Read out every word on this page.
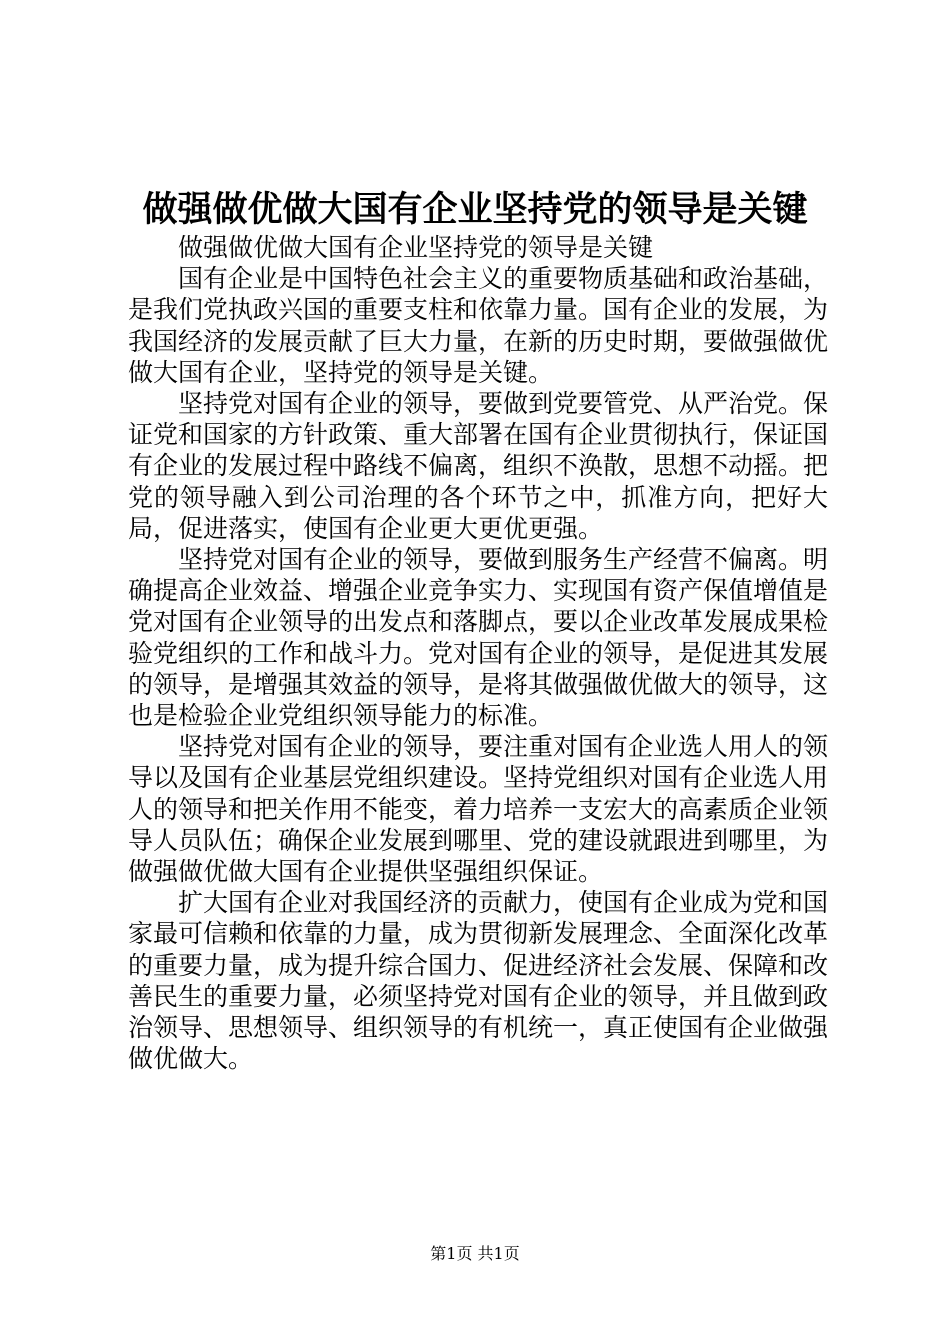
做强做优做大国有企业坚持党的领导是关键

做强做优做大国有企业坚持党的领导是关键

国有企业是中国特色社会主义的重要物质基础和政治基础，是我们党执政兴国的重要支柱和依靠力量。国有企业的发展，为我国经济的发展贡献了巨大力量，在新的历史时期，要做强做优做大国有企业，坚持党的领导是关键。

坚持党对国有企业的领导，要做到党要管党、从严治党。保证党和国家的方针政策、重大部署在国有企业贯彻执行，保证国有企业的发展过程中路线不偏离，组织不涣散，思想不动摇。把党的领导融入到公司治理的各个环节之中，抓准方向，把好大局，促进落实，使国有企业更大更优更强。

坚持党对国有企业的领导，要做到服务生产经营不偏离。明确提高企业效益、增强企业竞争实力、实现国有资产保值增值是党对国有企业领导的出发点和落脚点，要以企业改革发展成果检验党组织的工作和战斗力。党对国有企业的领导，是促进其发展的领导，是增强其效益的领导，是将其做强做优做大的领导，这也是检验企业党组织领导能力的标准。

坚持党对国有企业的领导，要注重对国有企业选人用人的领导以及国有企业基层党组织建设。坚持党组织对国有企业选人用人的领导和把关作用不能变，着力培养一支宏大的高素质企业领导人员队伍；确保企业发展到哪里、党的建设就跟进到哪里，为做强做优做大国有企业提供坚强组织保证。

扩大国有企业对我国经济的贡献力，使国有企业成为党和国家最可信赖和依靠的力量，成为贯彻新发展理念、全面深化改革的重要力量，成为提升综合国力、促进经济社会发展、保障和改善民生的重要力量，必须坚持党对国有企业的领导，并且做到政治领导、思想领导、组织领导的有机统一，真正使国有企业做强做优做大。

第1页 共1页
